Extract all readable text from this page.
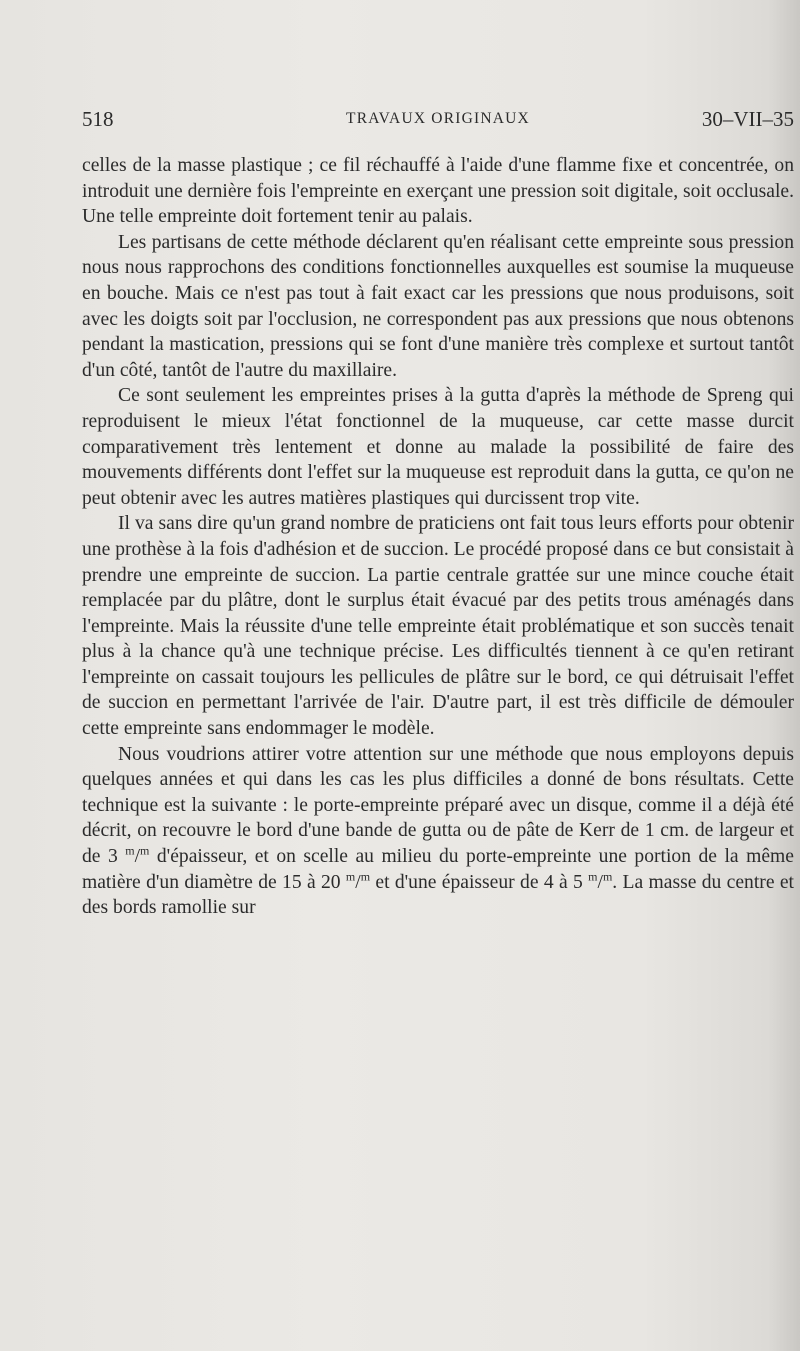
518	TRAVAUX ORIGINAUX	30–VII–35

celles de la masse plastique ; ce fil réchauffé à l'aide d'une flamme fixe et concentrée, on introduit une dernière fois l'empreinte en exerçant une pression soit digitale, soit occlusale. Une telle empreinte doit fortement tenir au palais.

Les partisans de cette méthode déclarent qu'en réalisant cette empreinte sous pression nous nous rapprochons des conditions fonctionnelles auxquelles est soumise la muqueuse en bouche. Mais ce n'est pas tout à fait exact car les pressions que nous produisons, soit avec les doigts soit par l'occlusion, ne correspondent pas aux pressions que nous obtenons pendant la mastication, pressions qui se font d'une manière très complexe et surtout tantôt d'un côté, tantôt de l'autre du maxillaire.

Ce sont seulement les empreintes prises à la gutta d'après la méthode de Spreng qui reproduisent le mieux l'état fonctionnel de la muqueuse, car cette masse durcit comparativement très lentement et donne au malade la possibilité de faire des mouvements différents dont l'effet sur la muqueuse est reproduit dans la gutta, ce qu'on ne peut obtenir avec les autres matières plastiques qui durcissent trop vite.

Il va sans dire qu'un grand nombre de praticiens ont fait tous leurs efforts pour obtenir une prothèse à la fois d'adhésion et de succion. Le procédé proposé dans ce but consistait à prendre une empreinte de succion. La partie centrale grattée sur une mince couche était remplacée par du plâtre, dont le surplus était évacué par des petits trous aménagés dans l'empreinte. Mais la réussite d'une telle empreinte était problématique et son succès tenait plus à la chance qu'à une technique précise. Les difficultés tiennent à ce qu'en retirant l'empreinte on cassait toujours les pellicules de plâtre sur le bord, ce qui détruisait l'effet de succion en permettant l'arrivée de l'air. D'autre part, il est très difficile de démouler cette empreinte sans endommager le modèle.

Nous voudrions attirer votre attention sur une méthode que nous employons depuis quelques années et qui dans les cas les plus difficiles a donné de bons résultats. Cette technique est la suivante : le porte-empreinte préparé avec un disque, comme il a déjà été décrit, on recouvre le bord d'une bande de gutta ou de pâte de Kerr de 1 cm. de largeur et de 3 $^m$/$^m$ d'épaisseur, et on scelle au milieu du porte-empreinte une portion de la même matière d'un diamètre de 15 à 20 $^m$/$^m$ et d'une épaisseur de 4 à 5 $^m$/$^m$. La masse du centre et des bords ramollie sur
